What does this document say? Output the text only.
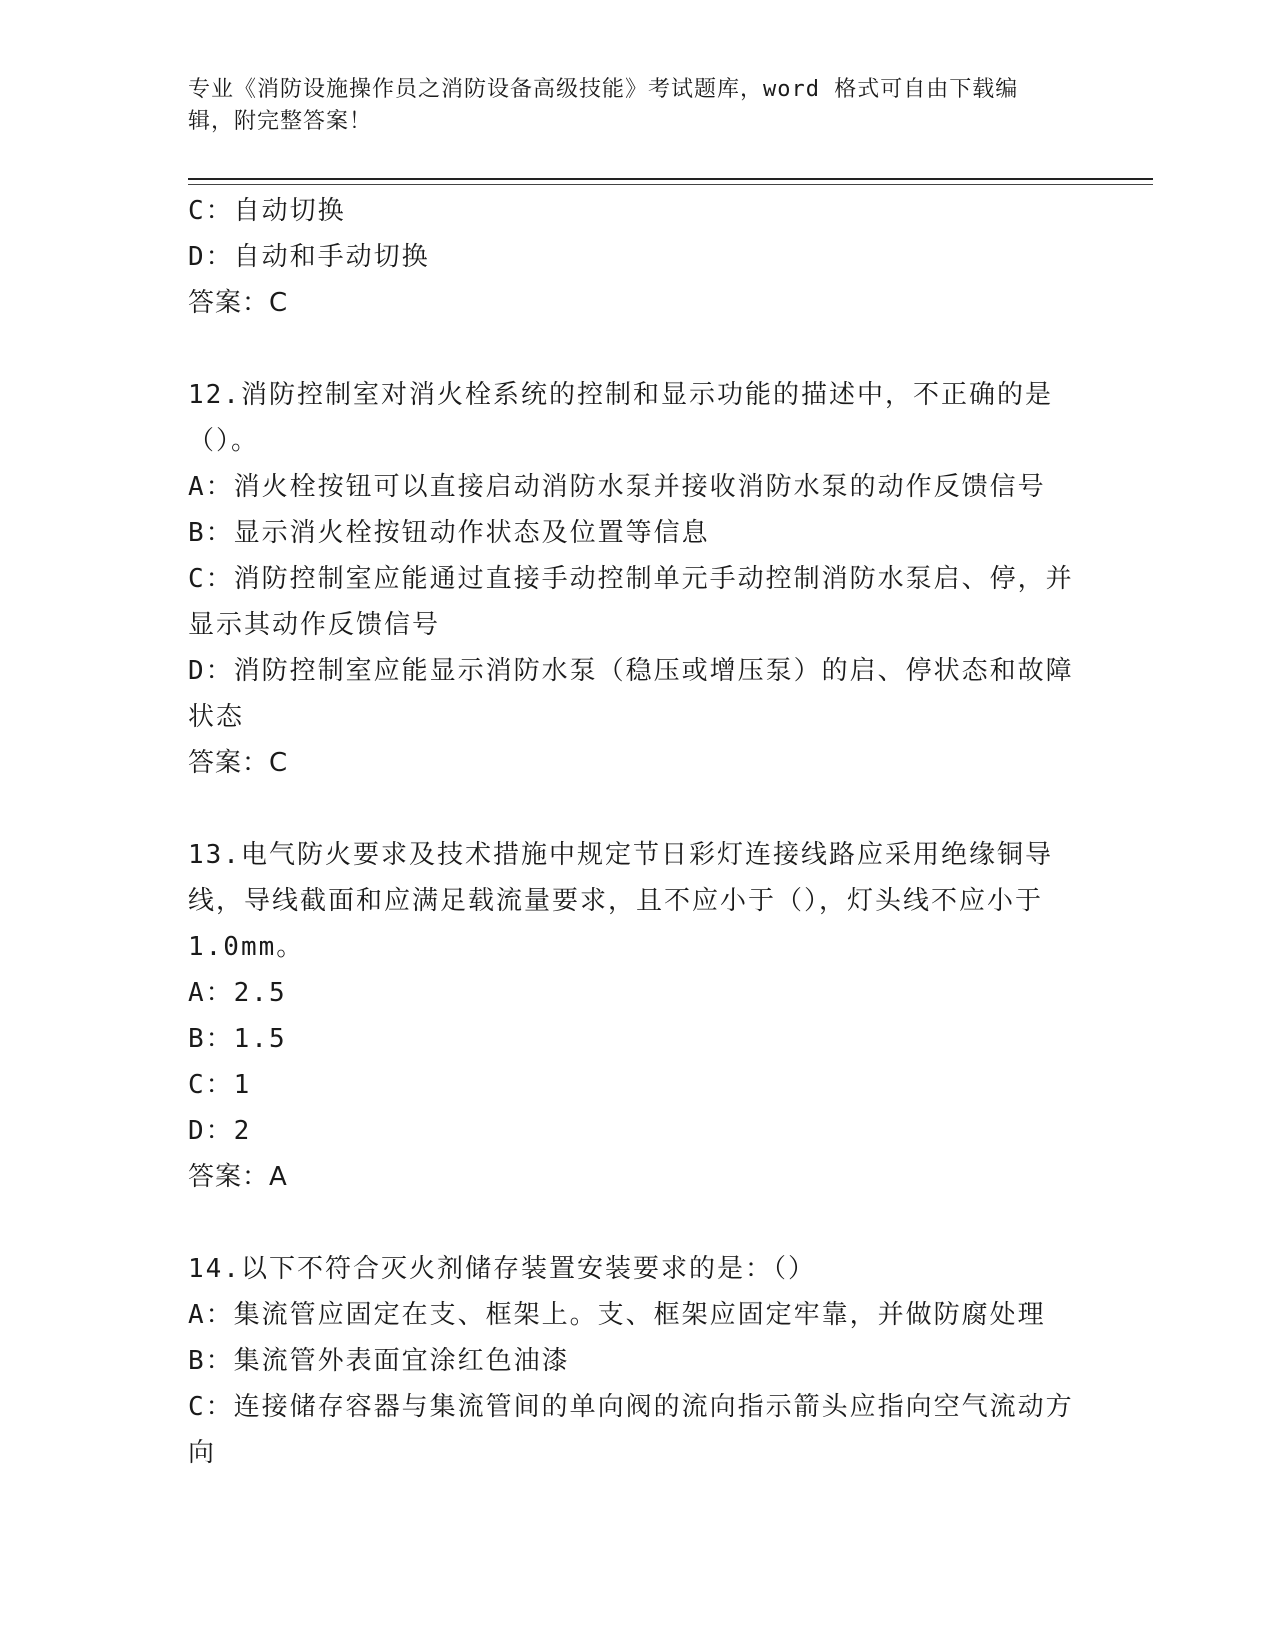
专业《消防设施操作员之消防设备高级技能》考试题库，word 格式可自由下载编
辑，附完整答案！
C：自动切换
D：自动和手动切换
答案：C
12.消防控制室对消火栓系统的控制和显示功能的描述中，不正确的是（）。
A：消火栓按钮可以直接启动消防水泵并接收消防水泵的动作反馈信号
B：显示消火栓按钮动作状态及位置等信息
C：消防控制室应能通过直接手动控制单元手动控制消防水泵启、停，并显示其动作反馈信号
D：消防控制室应能显示消防水泵（稳压或增压泵）的启、停状态和故障状态
答案：C
13.电气防火要求及技术措施中规定节日彩灯连接线路应采用绝缘铜导线，导线截面和应满足载流量要求，且不应小于（），灯头线不应小于 1.0mm。
A：2.5
B：1.5
C：1
D：2
答案：A
14.以下不符合灭火剂储存装置安装要求的是：（）
A：集流管应固定在支、框架上。支、框架应固定牢靠，并做防腐处理
B：集流管外表面宜涂红色油漆
C：连接储存容器与集流管间的单向阀的流向指示箭头应指向空气流动方向
